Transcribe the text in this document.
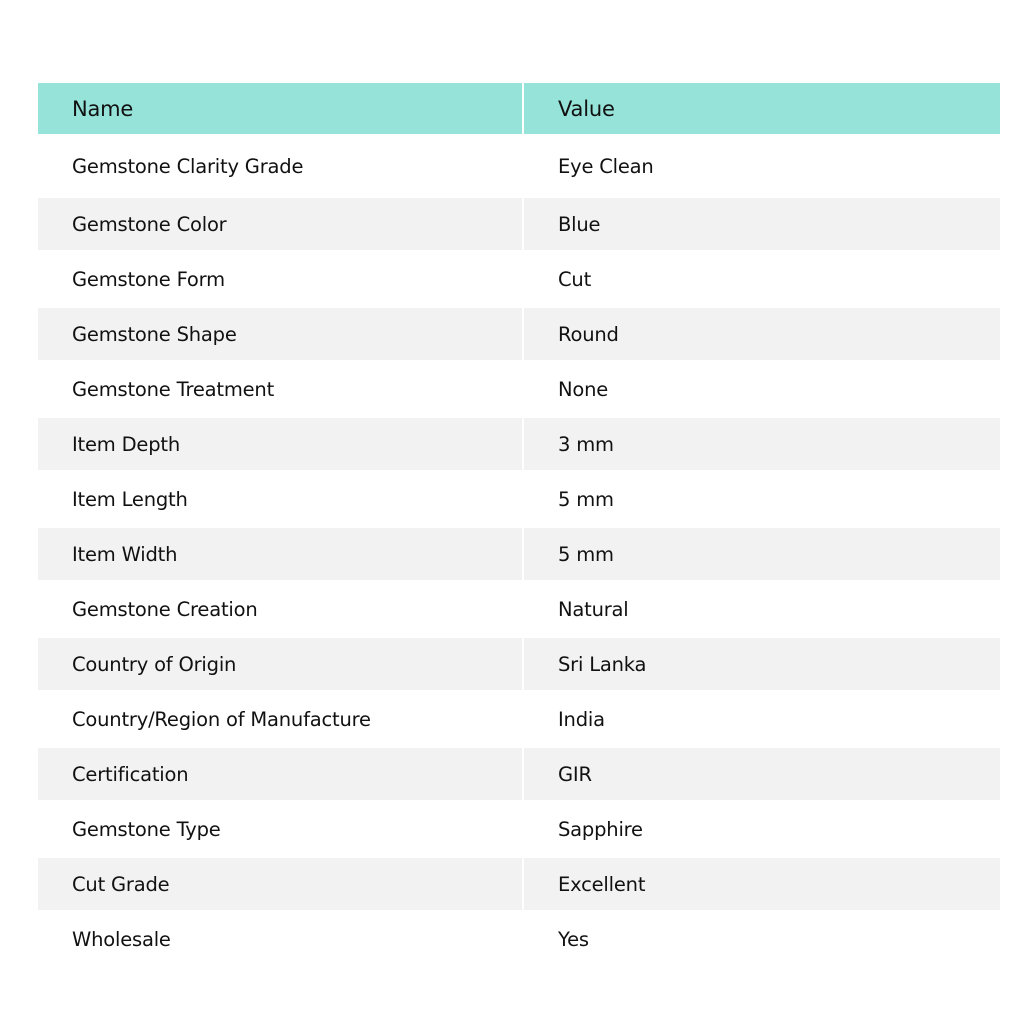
Name	Value
Gemstone Clarity Grade	Eye Clean
Gemstone Color	Blue
Gemstone Form	Cut
Gemstone Shape	Round
Gemstone Treatment	None
Item Depth	3 mm
Item Length	5 mm
Item Width	5 mm
Gemstone Creation	Natural
Country of Origin	Sri Lanka
Country/Region of Manufacture	India
Certification	GIR
Gemstone Type	Sapphire
Cut Grade	Excellent
Wholesale	Yes
